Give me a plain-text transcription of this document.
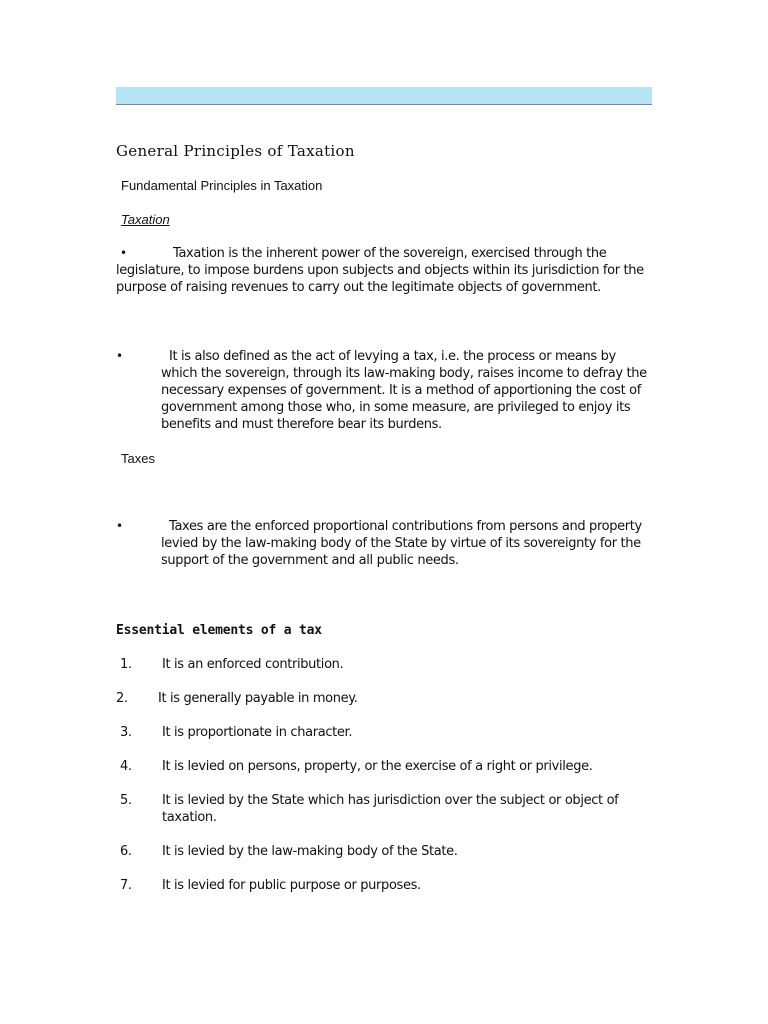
General Principles of Taxation
Fundamental Principles in Taxation
Taxation
•	Taxation is the inherent power of the sovereign, exercised through the legislature, to impose burdens upon subjects and objects within its jurisdiction for the purpose of raising revenues to carry out the legitimate objects of government.
•	It is also defined as the act of levying a tax, i.e. the process or means by which the sovereign, through its law-making body, raises income to defray the necessary expenses of government. It is a method of apportioning the cost of government among those who, in some measure, are privileged to enjoy its benefits and must therefore bear its burdens.
Taxes
•	Taxes are the enforced proportional contributions from persons and property levied by the law-making body of the State by virtue of its sovereignty for the support of the government and all public needs.
Essential elements of a tax
1. It is an enforced contribution.
2. It is generally payable in money.
3. It is proportionate in character.
4. It is levied on persons, property, or the exercise of a right or privilege.
5. It is levied by the State which has jurisdiction over the subject or object of taxation.
6. It is levied by the law-making body of the State.
7. It is levied for public purpose or purposes.
